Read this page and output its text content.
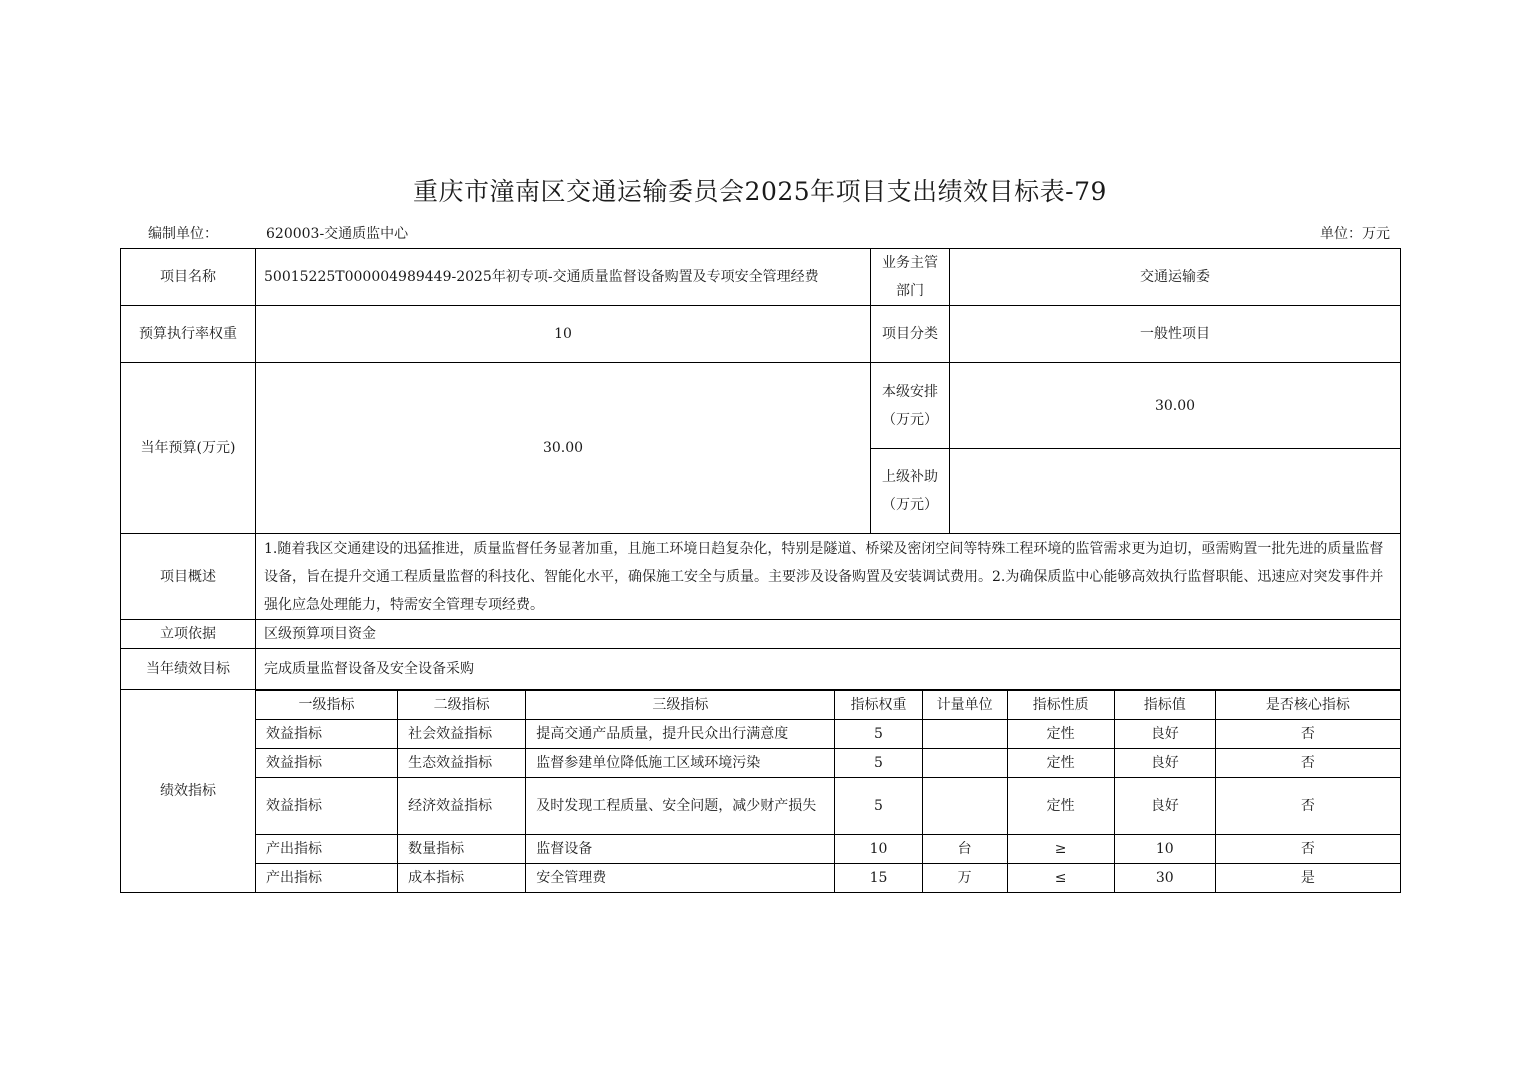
重庆市潼南区交通运输委员会2025年项目支出绩效目标表-79
编制单位：	620003-交通质监中心	单位：万元
项目名称	50015225T000004989449-2025年初专项-交通质量监督设备购置及专项安全管理经费	业务主管部门	交通运输委
预算执行率权重	10	项目分类	一般性项目
当年预算(万元)	30.00	本级安排（万元）	30.00
上级补助（万元）	
项目概述	1.随着我区交通建设的迅猛推进，质量监督任务显著加重，且施工环境日趋复杂化，特别是隧道、桥梁及密闭空间等特殊工程环境的监管需求更为迫切，亟需购置一批先进的质量监督设备，旨在提升交通工程质量监督的科技化、智能化水平，确保施工安全与质量。主要涉及设备购置及安装调试费用。2.为确保质监中心能够高效执行监督职能、迅速应对突发事件并强化应急处理能力，特需安全管理专项经费。
立项依据	区级预算项目资金
当年绩效目标	完成质量监督设备及安全设备采购
绩效指标	
一级指标	二级指标	三级指标	指标权重	计量单位	指标性质	指标值	是否核心指标
效益指标	社会效益指标	提高交通产品质量，提升民众出行满意度	5		定性	良好	否
效益指标	生态效益指标	监督参建单位降低施工区域环境污染	5		定性	良好	否
效益指标	经济效益指标	及时发现工程质量、安全问题，减少财产损失	5		定性	良好	否
产出指标	数量指标	监督设备	10	台	≥	10	否
产出指标	成本指标	安全管理费	15	万	≤	30	是
